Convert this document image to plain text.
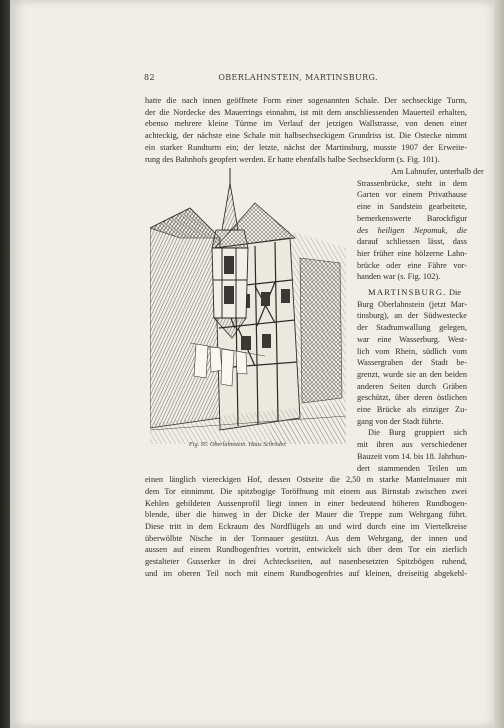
82	OBERLAHNSTEIN, MARTINSBURG.
hatte die nach innen geöffnete Form einer sogenannten Schale. Der sechseckige Turm,
der die Nordecke des Mauerrings einnahm, ist mit dem anschliessenden Mauerteil erhalten,
ebenso mehrere kleine Türme im Verlauf der jetzigen Wallstrasse, von denen einer
achteckig, der nächste eine Schale mit halbsechseckigem Grundriss ist. Die Ostecke nimmt
ein starker Rundturm ein; der letzte, nächst der Martinsburg, musste 1907 der Erweite-
rung des Bahnhofs geopfert werden. Er hatte ebenfalls halbe Sechseckform (s. Fig. 101).
Am Lahnufer, unterhalb der
Strassenbrücke, steht in dem
Garten vor einem Privathause
eine in Sandstein gearbeitete,
bemerkenswerte Barockfigur
des heiligen Nepomuk, die
darauf schliessen lässt, dass
hier früher eine hölzerne Lahn-
brücke oder eine Fähre vor-
handen war (s. Fig. 102).
MARTINSBURG. Die
Burg Oberlahnstein (jetzt Mar-
tinsburg), an der Südwestecke
der Stadtumwallung gelegen,
war eine Wasserburg. West-
lich vom Rhein, südlich vom
Wassergraben der Stadt be-
grenzt, wurde sie an den beiden
anderen Seiten durch Gräben
geschützt, über deren östlichen
eine Brücke als einziger Zu-
gang von der Stadt führte.
Die Burg gruppiert sich
mit ihren aus verschiedener
Bauzeit vom 14. bis 18. Jahrhun-
dert stammenden Teilen um
einen länglich viereckigen Hof, dessen Ostseite die 2,50 m starke Mantelmauer mit
dem Tor einnimmt. Die spitzbogige Toröffnung mit einem aus Birnstab zwischen zwei
Kehlen gebildeten Aussenprofil liegt innen in einer bedeutend höheren Rundbogen-
blende, über die hinweg in der Dicke der Mauer die Treppe zum Wehrgang führt.
Diese tritt in dem Eckraum des Nordflügels an und wird durch eine im Viertelkreise
überwölbte Nische in der Tormauer gestützt. Aus dem Wehrgang, der innen und
aussen auf einem Rundbogenfries vortritt, entwickelt sich über dem Tor ein zierlich
gestalteter Gusserker in drei Achteckseiten, auf nasenbesetzten Spitzbögen ruhend,
und im oberen Teil noch mit einem Rundbogenfries auf kleinen, dreiseitig abgekehl-
Fig. 95. Oberlahnstein. Haus Schröder.
